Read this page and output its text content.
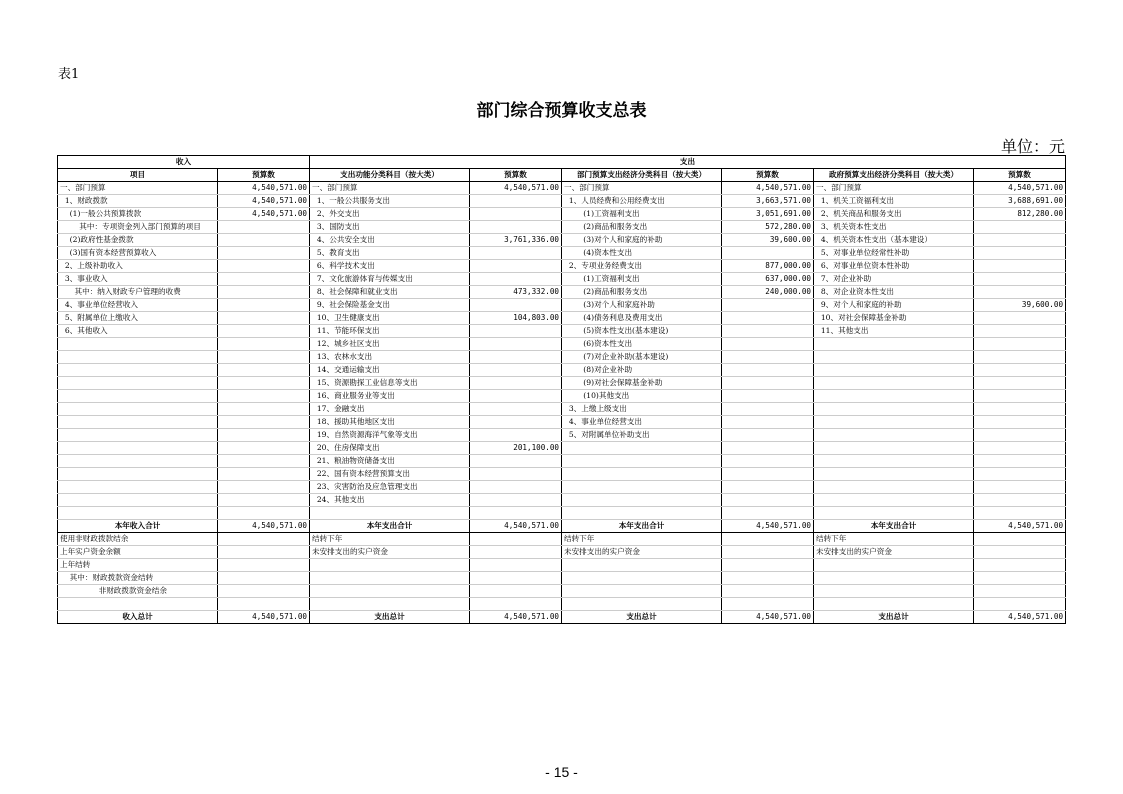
表1
部门综合预算收支总表
单位：元
收入		支出					
项目	预算数	支出功能分类科目（按大类）	预算数	部门预算支出经济分类科目（按大类）	预算数	政府预算支出经济分类科目（按大类）	预算数
一、部门预算	4,540,571.00	一、部门预算	4,540,571.00	一、部门预算	4,540,571.00	一、部门预算	4,540,571.00
1、财政拨款	4,540,571.00	1、一般公共服务支出		1、人员经费和公用经费支出	3,663,571.00	1、机关工资福利支出	3,688,691.00
(1)一般公共预算拨款	4,540,571.00	2、外交支出		(1)工资福利支出	3,051,691.00	2、机关商品和服务支出	812,280.00
其中：专项资金列入部门预算的项目		3、国防支出		(2)商品和服务支出	572,280.00	3、机关资本性支出	
(2)政府性基金拨款		4、公共安全支出	3,761,336.00	(3)对个人和家庭的补助	39,600.00	4、机关资本性支出（基本建设）	
(3)国有资本经营预算收入		5、教育支出		(4)资本性支出		5、对事业单位经常性补助	
2、上级补助收入		6、科学技术支出		2、专项业务经费支出	877,000.00	6、对事业单位资本性补助	
3、事业收入		7、文化旅游体育与传媒支出		(1)工资福利支出	637,000.00	7、对企业补助	
其中：纳入财政专户管理的收费		8、社会保障和就业支出	473,332.00	(2)商品和服务支出	240,000.00	8、对企业资本性支出	
4、事业单位经营收入		9、社会保险基金支出		(3)对个人和家庭补助		9、对个人和家庭的补助	39,600.00
5、附属单位上缴收入		10、卫生健康支出	104,803.00	(4)债务利息及费用支出		10、对社会保障基金补助	
6、其他收入		11、节能环保支出		(5)资本性支出(基本建设)		11、其他支出	
		12、城乡社区支出		(6)资本性支出			
		13、农林水支出		(7)对企业补助(基本建设)			
		14、交通运输支出		(8)对企业补助			
		15、资源勘探工业信息等支出		(9)对社会保障基金补助			
		16、商业服务业等支出		(10)其他支出			
		17、金融支出		3、上缴上级支出			
		18、援助其他地区支出		4、事业单位经营支出			
		19、自然资源海洋气象等支出		5、对附属单位补助支出			
		20、住房保障支出	201,100.00				
		21、粮油物资储备支出					
		22、国有资本经营预算支出					
		23、灾害防治及应急管理支出					
		24、其他支出					

本年收入合计	4,540,571.00	本年支出合计	4,540,571.00	本年支出合计	4,540,571.00	本年支出合计	4,540,571.00
使用非财政拨款结余		结转下年		结转下年		结转下年	
上年实户资金余额		未安排支出的实户资金		未安排支出的实户资金		未安排支出的实户资金	
上年结转							
其中：财政拨款资金结转							
非财政拨款资金结余							

收入总计	4,540,571.00	支出总计	4,540,571.00	支出总计	4,540,571.00	支出总计	4,540,571.00
- 15 -
